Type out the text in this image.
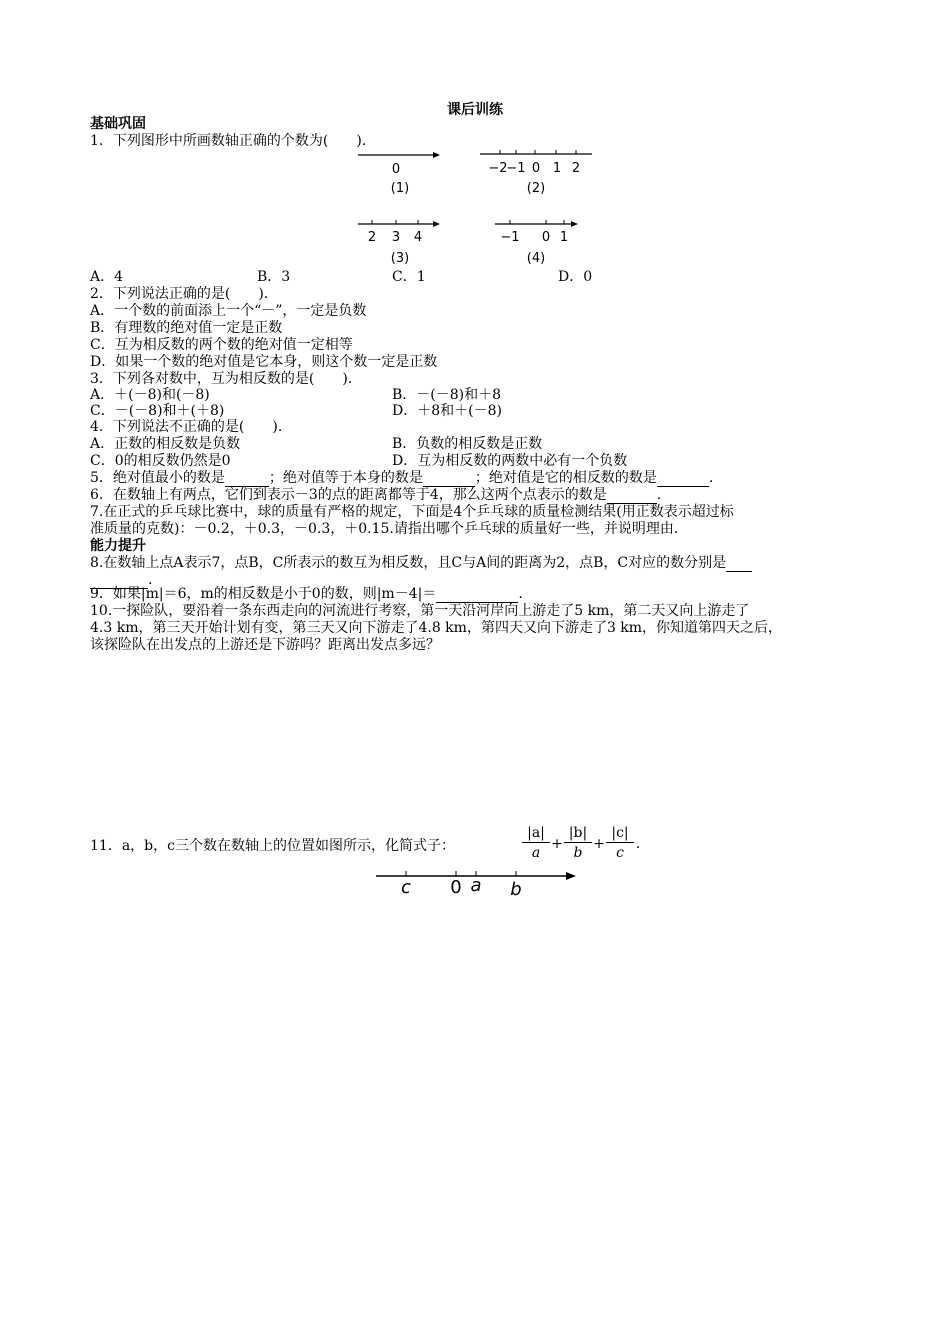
课后训练
基础巩固
1．下列图形中所画数轴正确的个数为(　　).
0
(1)
−2
−1 0 1 2
(2)
2 3 4
(3)
−1 0 1
(4)
A．4	B．3	C．1	D．0
2．下列说法正确的是(　　).
A．一个数的前面添上一个“－”，一定是负数
B．有理数的绝对值一定是正数
C．互为相反数的两个数的绝对值一定相等
D．如果一个数的绝对值是它本身，则这个数一定是正数
3．下列各对数中，互为相反数的是(　　).
A．＋(－8)和(－8)	B．－(－8)和＋8
C．－(－8)和＋(＋8)	D．＋8和＋(－8)
4．下列说法不正确的是(　　).
A．正数的相反数是负数	B．负数的相反数是正数
C．0的相反数仍然是0	D．互为相反数的两数中必有一个负数
5．绝对值最小的数是	；绝对值等于本身的数是	；绝对值是它的相反数的数是	.
6．在数轴上有两点，它们到表示－3的点的距离都等于4，那么这两个点表示的数是	.
7.在正式的乒乓球比赛中，球的质量有严格的规定，下面是4个乒乓球的质量检测结果(用正数表示超过标
准质量的克数)：－0.2，＋0.3，－0.3，＋0.15.请指出哪个乒乓球的质量好一些，并说明理由.
能力提升
8.在数轴上点A表示7，点B，C所表示的数互为相反数，且C与A间的距离为2，点B，C对应的数分别是
.
9．如果|m|＝6，m的相反数是小于0的数，则|m－4|＝	.
10.一探险队，要沿着一条东西走向的河流进行考察，第一天沿河岸向上游走了5 km，第二天又向上游走了
4.3 km，第三天开始计划有变，第三天又向下游走了4.8 km，第四天又向下游走了3 km，你知道第四天之后，
该探险队在出发点的上游还是下游吗？距离出发点多远？
11．a，b，c三个数在数轴上的位置如图所示，化简式子：	$\frac{|a|}{a} + \frac{|b|}{b} + \frac{|c|}{c}$ .
c 0 a b
